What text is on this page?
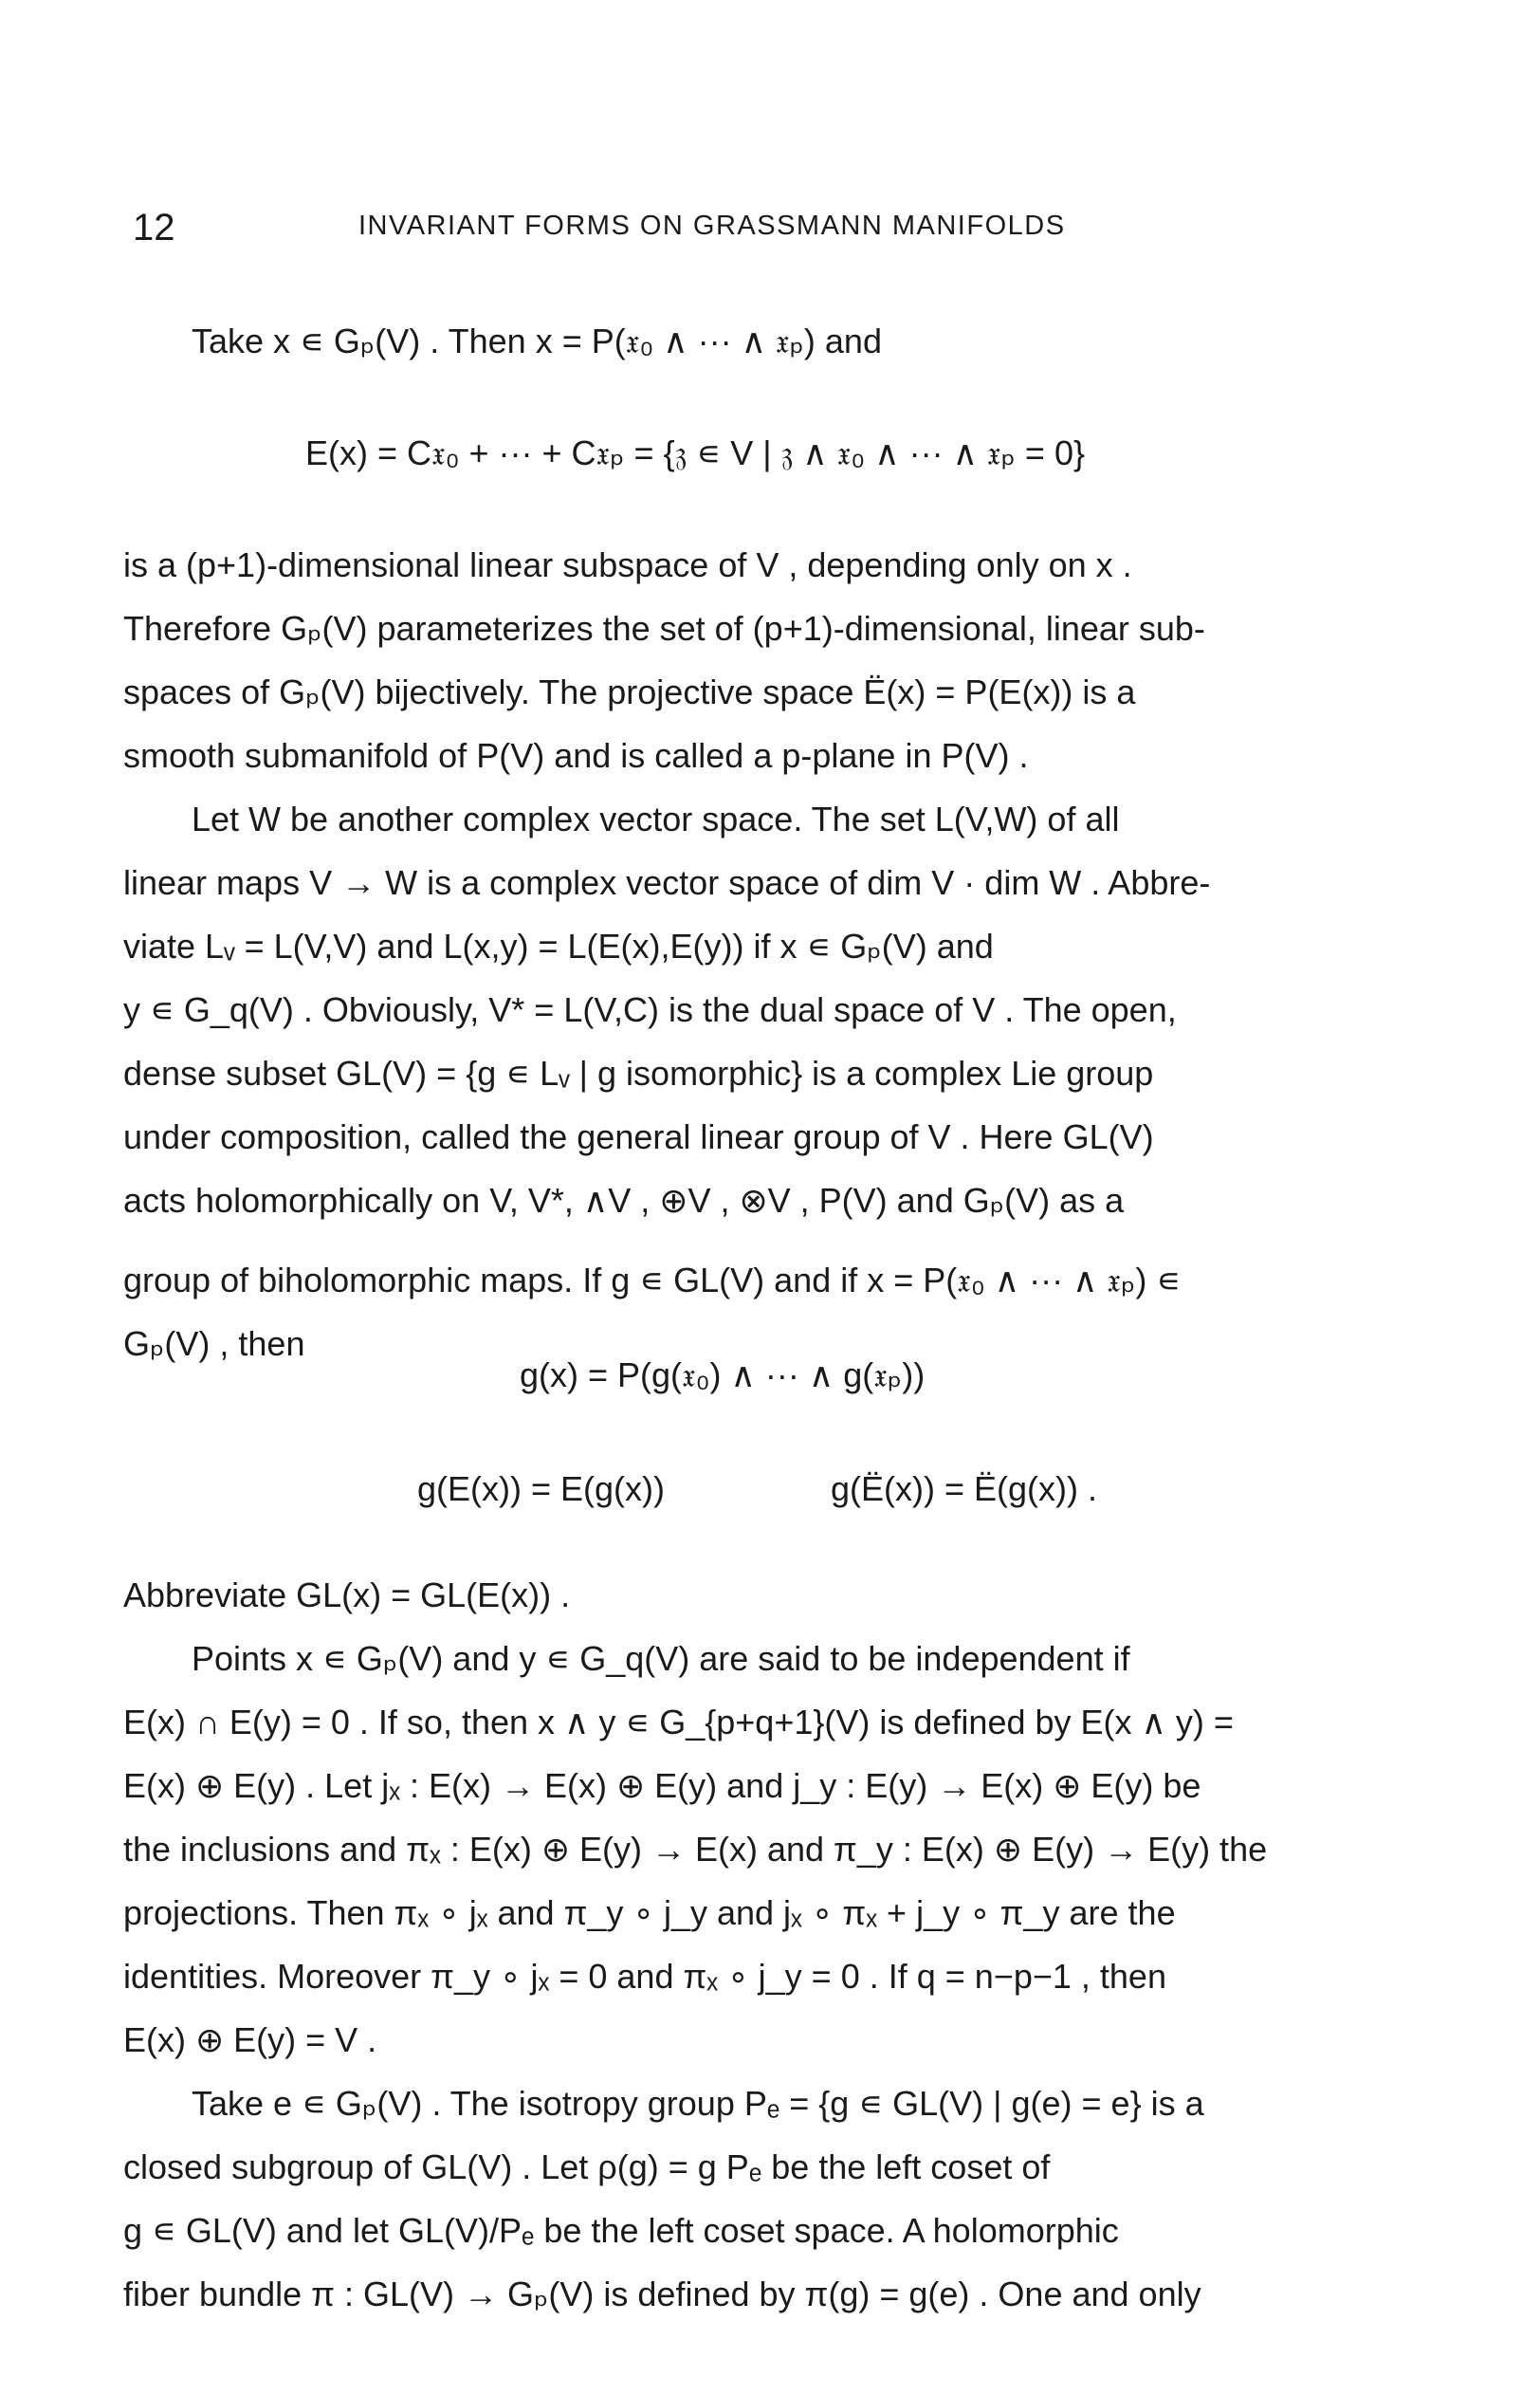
12	INVARIANT FORMS ON GRASSMANN MANIFOLDS
Take x ∊ Gₚ(V) . Then x = P(𝔵₀ ∧ ··· ∧ 𝔵ₚ) and
E(x) = C𝔵₀ + ··· + C𝔵ₚ = {𝔷 ∊ V | 𝔷 ∧ 𝔵₀ ∧ ··· ∧ 𝔵ₚ = 0}
is a (p+1)-dimensional linear subspace of V , depending only on x .
Therefore Gₚ(V) parameterizes the set of (p+1)-dimensional, linear sub-
spaces of Gₚ(V) bijectively. The projective space Ë(x) = P(E(x)) is a
smooth submanifold of P(V) and is called a p-plane in P(V) .
Let W be another complex vector space. The set L(V,W) of all
linear maps V → W is a complex vector space of dim V · dim W . Abbre-
viate Lᵥ = L(V,V) and L(x,y) = L(E(x),E(y)) if x ∊ Gₚ(V) and
y ∊ G_q(V) . Obviously, V* = L(V,C) is the dual space of V . The open,
dense subset GL(V) = {g ∊ Lᵥ | g isomorphic} is a complex Lie group
under composition, called the general linear group of V . Here GL(V)
acts holomorphically on V, V*, ∧V , ⊕V , ⊗V , P(V) and Gₚ(V) as a
group of biholomorphic maps. If g ∊ GL(V) and if x = P(𝔵₀ ∧ ··· ∧ 𝔵ₚ) ∊
Gₚ(V) , then
g(x) = P(g(𝔵₀) ∧ ··· ∧ g(𝔵ₚ))
g(E(x)) = E(g(x))	g(Ë(x)) = Ë(g(x)) .
Abbreviate GL(x) = GL(E(x)) .
Points x ∊ Gₚ(V) and y ∊ G_q(V) are said to be independent if
E(x) ∩ E(y) = 0 . If so, then x ∧ y ∊ G_{p+q+1}(V) is defined by E(x ∧ y) =
E(x) ⊕ E(y) . Let jₓ : E(x) → E(x) ⊕ E(y) and j_y : E(y) → E(x) ⊕ E(y) be
the inclusions and πₓ : E(x) ⊕ E(y) → E(x) and π_y : E(x) ⊕ E(y) → E(y) the
projections. Then πₓ ∘ jₓ and π_y ∘ j_y and jₓ ∘ πₓ + j_y ∘ π_y are the
identities. Moreover π_y ∘ jₓ = 0 and πₓ ∘ j_y = 0 . If q = n−p−1 , then
E(x) ⊕ E(y) = V .
Take e ∊ Gₚ(V) . The isotropy group Pₑ = {g ∊ GL(V) | g(e) = e} is a
closed subgroup of GL(V) . Let ρ(g) = g Pₑ be the left coset of
g ∊ GL(V) and let GL(V)/Pₑ be the left coset space. A holomorphic
fiber bundle π : GL(V) → Gₚ(V) is defined by π(g) = g(e) . One and only
